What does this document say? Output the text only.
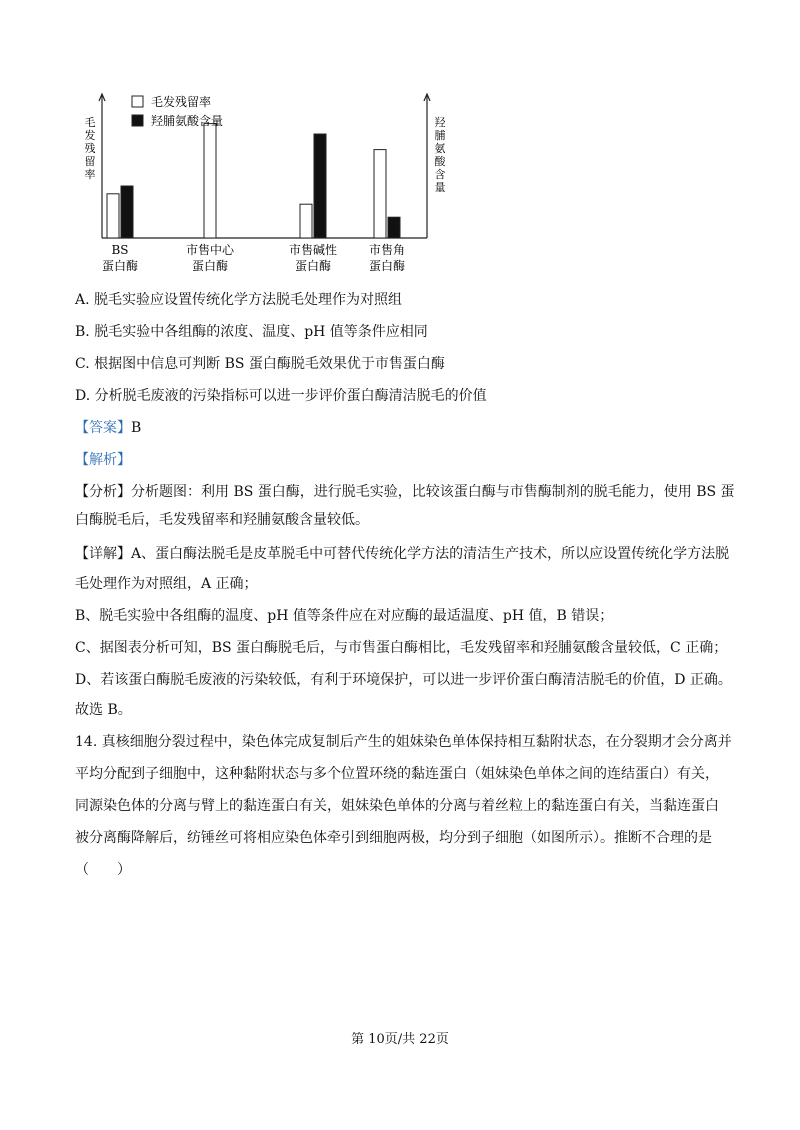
毛发残留率
羟脯氨酸含量
BS
蛋白酶
市售中心
蛋白酶
市售碱性
蛋白酶
市售角
蛋白酶
毛
发
残
留
率
羟
脯
氨
酸
含
量
A. 脱毛实验应设置传统化学方法脱毛处理作为对照组
B. 脱毛实验中各组酶的浓度、温度、pH 值等条件应相同
C. 根据图中信息可判断 BS 蛋白酶脱毛效果优于市售蛋白酶
D. 分析脱毛废液的污染指标可以进一步评价蛋白酶清洁脱毛的价值
【答案】B
【解析】
【分析】分析题图：利用 BS 蛋白酶，进行脱毛实验，比较该蛋白酶与市售酶制剂的脱毛能力，使用 BS 蛋
白酶脱毛后，毛发残留率和羟脯氨酸含量较低。
【详解】A、蛋白酶法脱毛是皮革脱毛中可替代传统化学方法的清洁生产技术，所以应设置传统化学方法脱
毛处理作为对照组，A 正确；
B、脱毛实验中各组酶的温度、pH 值等条件应在对应酶的最适温度、pH 值，B 错误；
C、据图表分析可知，BS 蛋白酶脱毛后，与市售蛋白酶相比，毛发残留率和羟脯氨酸含量较低，C 正确；
D、若该蛋白酶脱毛废液的污染较低，有利于环境保护，可以进一步评价蛋白酶清洁脱毛的价值，D 正确。
故选 B。
14. 真核细胞分裂过程中，染色体完成复制后产生的姐妹染色单体保持相互黏附状态，在分裂期才会分离并
平均分配到子细胞中，这种黏附状态与多个位置环绕的黏连蛋白（姐妹染色单体之间的连结蛋白）有关，
同源染色体的分离与臂上的黏连蛋白有关，姐妹染色单体的分离与着丝粒上的黏连蛋白有关，当黏连蛋白
被分离酶降解后，纺锤丝可将相应染色体牵引到细胞两极，均分到子细胞（如图所示）。推断不合理的是
（　　）
第 10页/共 22页
